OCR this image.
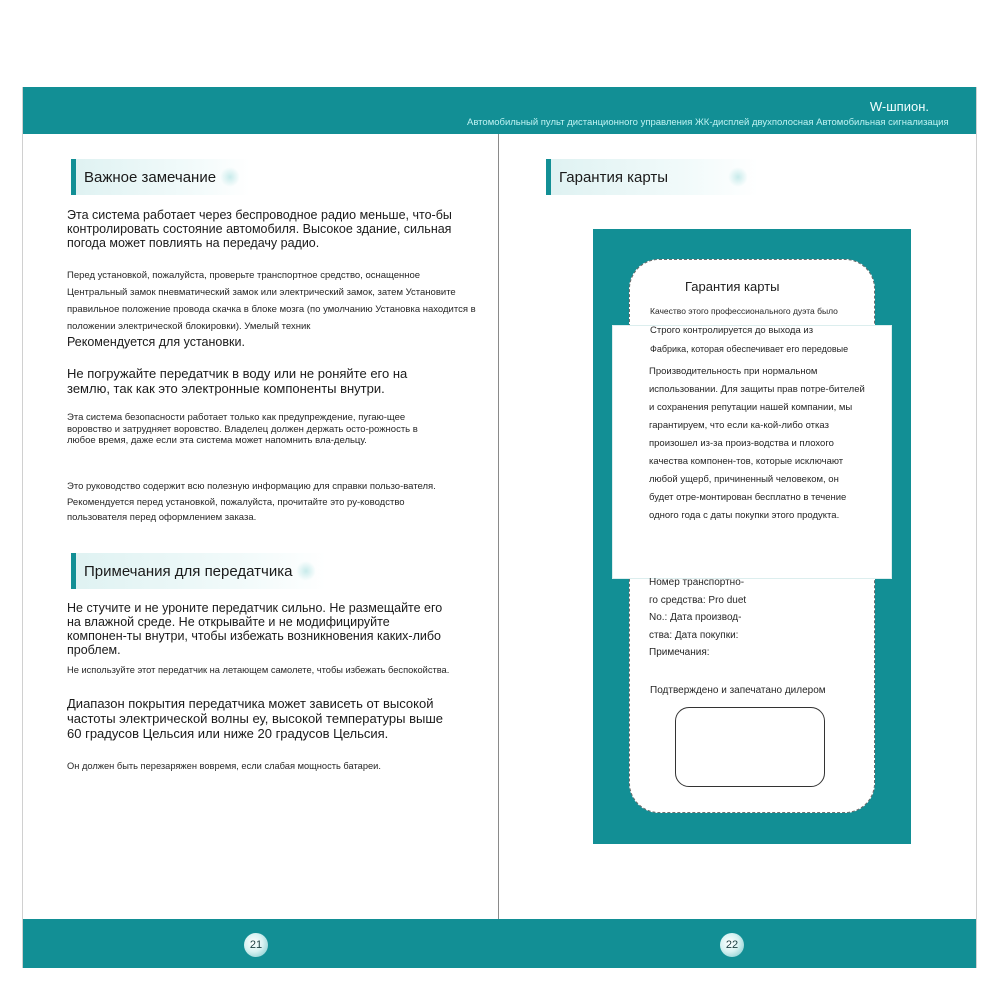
W-шпион.
Автомобильный пульт дистанционного управления ЖК-дисплей двухполосная Автомобильная сигнализация
Важное замечание

Эта система работает через беспроводное радио меньше, что-бы контролировать состояние автомобиля. Высокое здание, сильная погода может повлиять на передачу радио.

Перед установкой, пожалуйста, проверьте транспортное средство, оснащенное Центральный замок пневматический замок или электрический замок, затем Установите правильное положение провода скачка в блоке мозга (по умолчанию Установка находится в положении электрической блокировки). Умелый техник

Рекомендуется для установки.

Не погружайте передатчик в воду или не роняйте его на землю, так как это электронные компоненты внутри.

Эта система безопасности работает только как предупреждение, пугаю-щее воровство и затрудняет воровство. Владелец должен держать осто-рожность в любое время, даже если эта система может напомнить вла-дельцу.

Это руководство содержит всю полезную информацию для справки пользо-вателя. Рекомендуется перед установкой, пожалуйста, прочитайте это ру-ководство пользователя перед оформлением заказа.

Примечания для передатчика

Не стучите и не уроните передатчик сильно. Не размещайте его на влажной среде. Не открывайте и не модифицируйте компонен-ты внутри, чтобы избежать возникновения каких-либо проблем.

Не используйте этот передатчик на летающем самолете, чтобы избежать беспокойства.

Диапазон покрытия передатчика может зависеть от высокой частоты электрической волны еу, высокой температуры выше 60 градусов Цельсия или ниже 20 градусов Цельсия.

Он должен быть перезаряжен вовремя, если слабая мощность батареи.

Гарантия карты

Гарантия карты

Качество этого профессионального дуэта было
Строго контролируется до выхода из
Фабрика, которая обеспечивает его передовые

Производительность при нормальном использовании. Для защиты прав потре-бителей и сохранения репутации нашей компании, мы гарантируем, что если ка-кой-либо отказ произошел из-за произ-водства и плохого качества компонен-тов, которые исключают любой ущерб, причиненный человеком, он будет отре-монтирован бесплатно в течение одного года с даты покупки этого продукта.

Номер транспортно-
го средства: Pro duet
No.: Дата производ-
ства: Дата покупки:
Примечания:
Подтверждено и запечатано дилером
21	22
